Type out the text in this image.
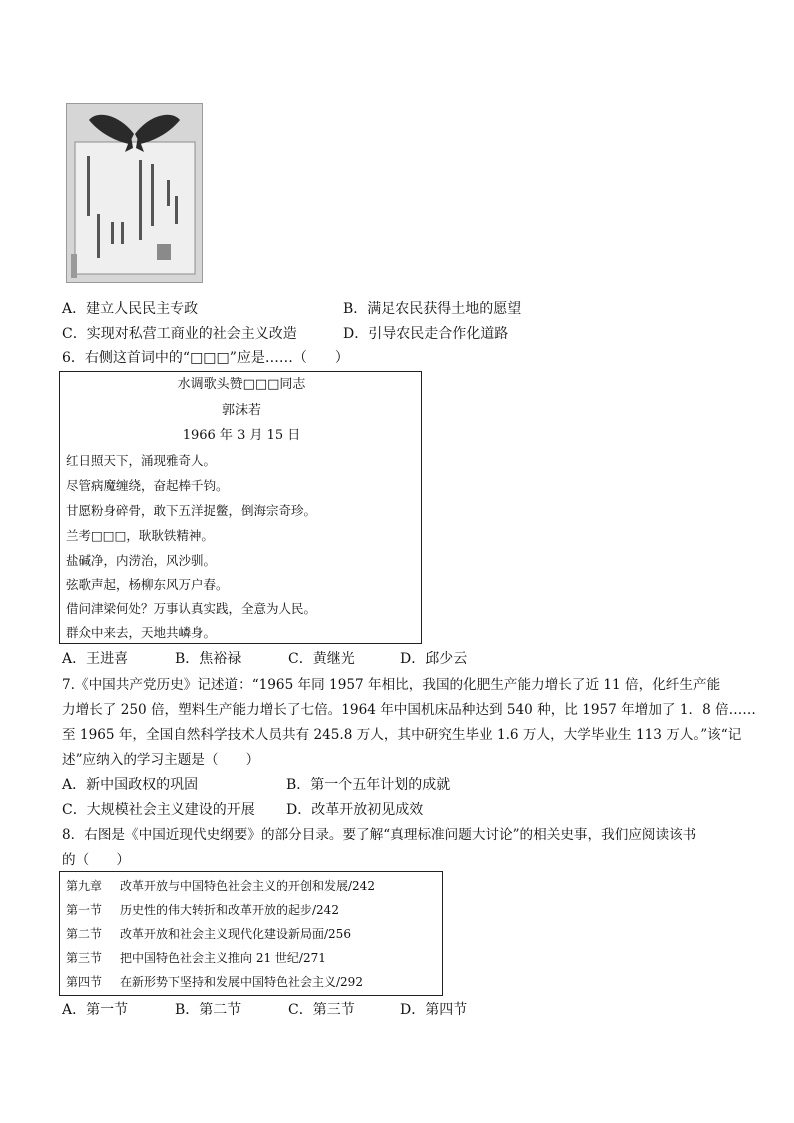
A．建立人民民主专政	B．满足农民获得土地的愿望
C．实现对私营工商业的社会主义改造	D．引导农民走合作化道路
6．右侧这首词中的“□□□”应是……（　　）
水调歌头赞□□□同志
郭沫若
1966 年 3 月 15 日
红日照天下，涌现雅奇人。
尽管病魔缠绕，奋起棒千钧。
甘愿粉身碎骨，敢下五洋捉鳖，倒海宗奇珍。
兰考□□□，耿耿铁精神。
盐碱净，内涝治，风沙驯。
弦歌声起，杨柳东风万户春。
借问津梁何处？万事认真实践，全意为人民。
群众中来去，天地共嶙身。
A．王进喜	B．焦裕禄	C．黄继光	D．邱少云
7.《中国共产党历史》记述道：“1965 年同 1957 年相比，我国的化肥生产能力增长了近 11 倍，化纤生产能
力增长了 250 倍，塑料生产能力增长了七倍。1964 年中国机床品种达到 540 种，比 1957 年增加了 1．8 倍……
至 1965 年，全国自然科学技术人员共有 245.8 万人，其中研究生毕业 1.6 万人，大学毕业生 113 万人。”该“记
述”应纳入的学习主题是（　　）
A．新中国政权的巩固	B．第一个五年计划的成就
C．大规模社会主义建设的开展 D．改革开放初见成效
8．右图是《中国近现代史纲要》的部分目录。要了解“真理标准问题大讨论”的相关史事，我们应阅读该书
的（　　）
第九章 改革开放与中国特色社会主义的开创和发展/242
第一节 历史性的伟大转折和改革开放的起步/242
第二节 改革开放和社会主义现代化建设新局面/256
第三节 把中国特色社会主义推向 21 世纪/271
第四节 在新形势下坚持和发展中国特色社会主义/292
A．第一节	B．第二节	C．第三节	D．第四节
